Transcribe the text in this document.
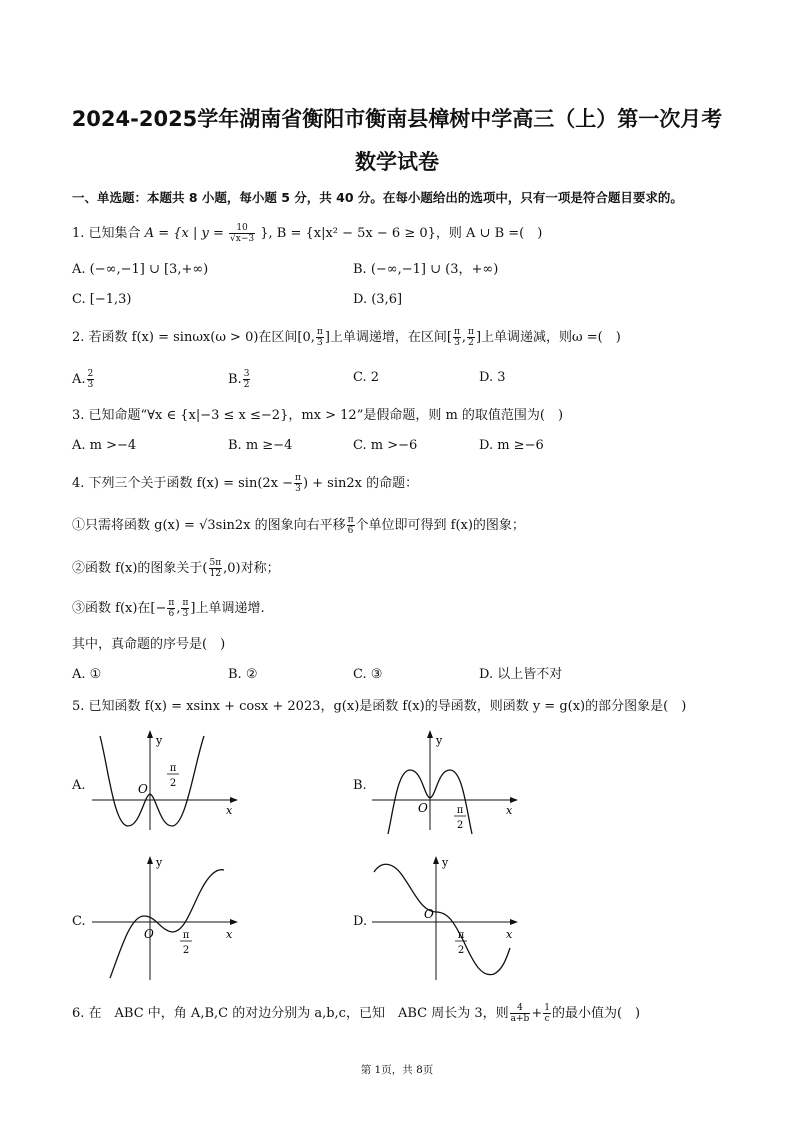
2024-2025学年湖南省衡阳市衡南县樟树中学高三（上）第一次月考
数学试卷
一、单选题：本题共 8 小题，每小题 5 分，共 40 分。在每小题给出的选项中，只有一项是符合题目要求的。
1. 已知集合 A = {x | $y = \frac{10}{√x-3}$ }, B = {x|x² − 5x − 6 ≥ 0}，则 A ∪ B =(　)
A. (−∞,−1] ∪ [3,+∞)	B. (−∞,−1] ∪ (3，+∞)
C. [−1,3)	D. (3,6]
2. 若函数 f(x) = sinωx(ω > 0)在区间[0, $\frac{\pi}{3}$ ]上单调递增，在区间[ $\frac{\pi}{3}$ , $\frac{\pi}{2}$ ]上单调递减，则ω =(　)
A. $\frac{2}{3}$	B. $\frac{3}{2}$	C. 2	D. 3
3. 已知命题“∀x ∈ {x|−3 ≤ x ≤−2}，mx > 12”是假命题，则 m 的取值范围为(　)
A. m >−4	B. m ≥−4	C. m >−6	D. m ≥−6
4. 下列三个关于函数 $f(x) = \sin(2x - \frac{\pi}{3}$ ) + sin2x 的命题：
①只需将函数 g(x) = √3sin2x 的图象向右平移 $\frac{\pi}{6}$ 个单位即可得到 f(x)的图象；
②函数 f(x)的图象关于( $\frac{5\pi}{12} ,0$)对称；
③函数 f(x)在[− $\frac{\pi}{6}$ , $\frac{\pi}{3}$ ]上单调递增.
其中，真命题的序号是(　)
A. ①	B. ②	C. ③	D. 以上皆不对
5. 已知函数 f(x) = xsinx + cosx + 2023，g(x)是函数 f(x)的导函数，则函数 y = g(x)的部分图象是(　)
A.
y
O
x
π
2	B.
y
O	x
π
2
C.
y
O	x
π
2
D.
y
O
x
π
2
6. 在　ABC 中，角 A,B,C 的对边分别为 a,b,c，已知　ABC 周长为 3，则 $\frac{4}{a+b} + \frac{1}{c}$ 的最小值为(　)
第 1页，共 8页
